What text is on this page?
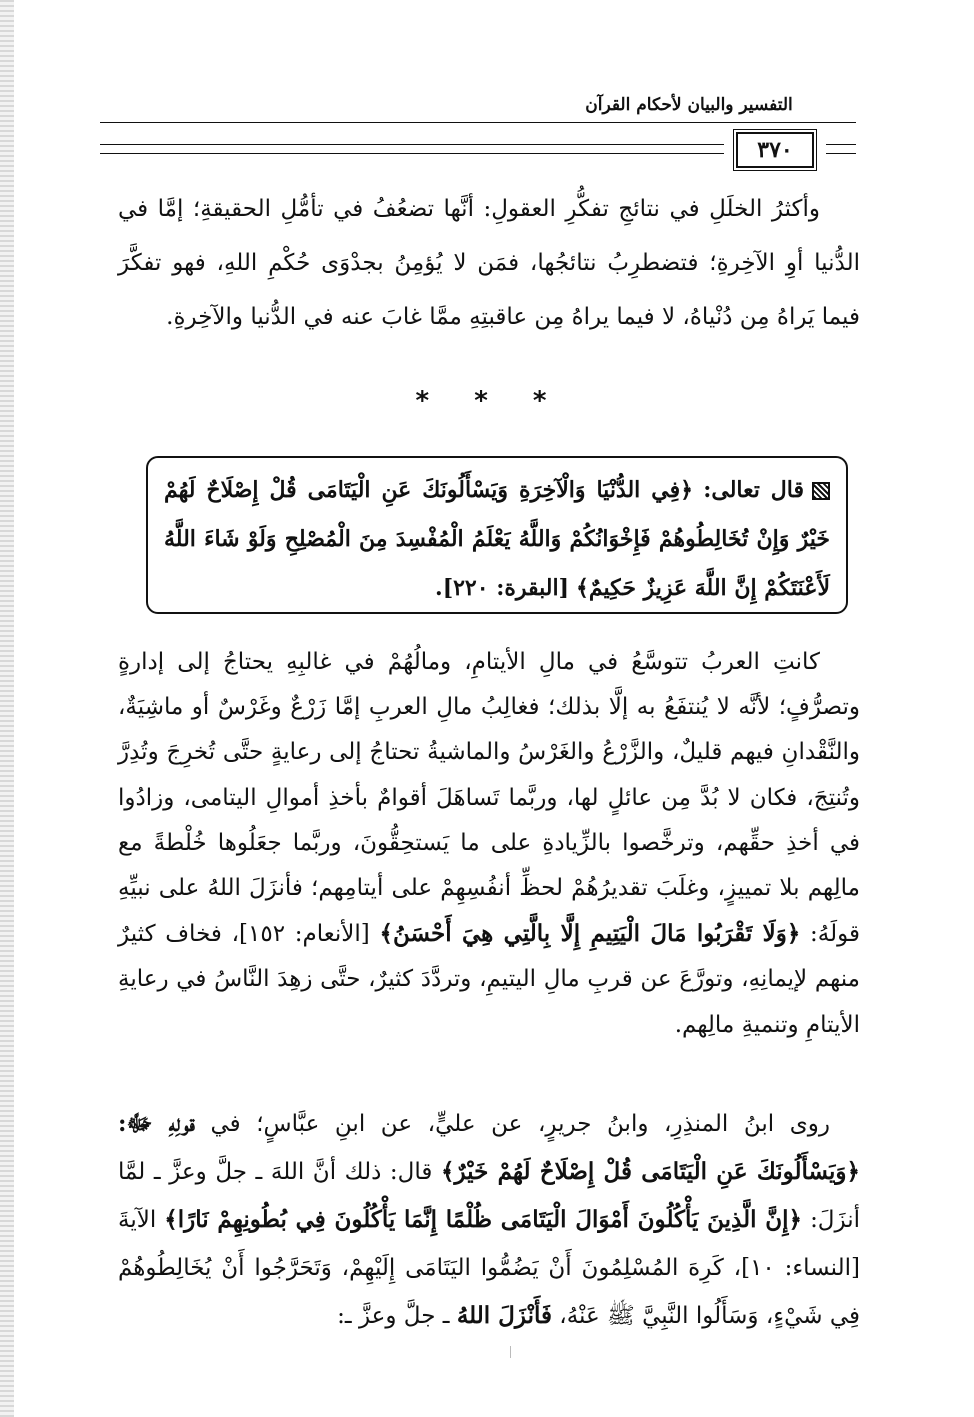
التفسير والبيان لأحكام القرآن
٣٧٠
وأكثرُ الخلَلِ في نتائجِ تفكُّرِ العقولِ: أنَّها تضعُفُ في تأمُّلِ الحقيقةِ؛ إمَّا في الدُّنيا أوِ الآخِرةِ؛ فتضطرِبُ نتائجُها، فمَن لا يُؤمِنُ بجدْوَى حُكْمِ اللهِ، فهو تفكَّرَ فيما يَراهُ مِن دُنْياهُ، لا فيما يراهُ مِن عاقبتِهِ ممَّا غابَ عنه في الدُّنيا والآخِرةِ.
* * *
قال تعالى: ﴿فِي الدُّنْيَا وَالْآخِرَةِ وَيَسْأَلُونَكَ عَنِ الْيَتَامَى قُلْ إِصْلَاحٌ لَهُمْ خَيْرٌ وَإِنْ تُخَالِطُوهُمْ فَإِخْوَانُكُمْ وَاللَّهُ يَعْلَمُ الْمُفْسِدَ مِنَ الْمُصْلِحِ وَلَوْ شَاءَ اللَّهُ لَأَعْنَتَكُمْ إِنَّ اللَّهَ عَزِيزٌ حَكِيمٌ﴾ [البقرة: ٢٢٠].
كانتِ العربُ تتوسَّعُ في مالِ الأيتامِ، ومالُهُمْ في غالبِهِ يحتاجُ إلى إدارةٍ وتصرُّفٍ؛ لأنَّه لا يُنتفَعُ به إلَّا بذلك؛ فغالِبُ مالِ العربِ إمَّا زَرْعٌ وغَرْسٌ أو ماشِيَةٌ، والنَّقْدانِ فيهم قليلٌ، والزَّرْعُ والغَرْسُ والماشيةُ تحتاجُ إلى رعايةٍ حتَّى تُخرِجَ وتُدِرَّ وتُنتِجَ، فكان لا بُدَّ مِن عائلٍ لها، وربَّما تَساهَلَ أقوامٌ بأخذِ أموالِ اليتامى، وزادُوا في أخذِ حقِّهم، وترخَّصوا بالزِّيادةِ على ما يَستحِقُّونَ، وربَّما جعَلُوها خُلْطةً مع مالِهم بلا تمييزٍ، وغلَبَ تقديرُهُمْ لحظِّ أنفُسِهِمْ على أيتامِهم؛ فأنزَلَ اللهُ على نبيِّهِ قولَهُ: ﴿وَلَا تَقْرَبُوا مَالَ الْيَتِيمِ إِلَّا بِالَّتِي هِيَ أَحْسَنُ﴾ [الأنعام: ١٥٢]، فخاف كثيرٌ منهم لإيمانِهِ، وتورَّعَ عن قربِ مالِ اليتيمِ، وتردَّدَ كثيرٌ، حتَّى زهِدَ النَّاسُ في رعايةِ الأيتامِ وتنميةِ مالِهم.
روى ابنُ المنذِرِ، وابنُ جريرٍ، عن عليٍّ، عن ابنِ عبَّاسٍ؛ في قولِهِ ﷻ: ﴿وَيَسْأَلُونَكَ عَنِ الْيَتَامَى قُلْ إِصْلَاحٌ لَهُمْ خَيْرٌ﴾ قال: ذلك أنَّ اللهَ ـ جلَّ وعزَّ ـ لمَّا أنزَلَ: ﴿إِنَّ الَّذِينَ يَأْكُلُونَ أَمْوَالَ الْيَتَامَى ظُلْمًا إِنَّمَا يَأْكُلُونَ فِي بُطُونِهِمْ نَارًا﴾ الآيةَ [النساء: ١٠]، كَرِهَ المُسْلِمُونَ أَنْ يَضُمُّوا اليَتَامَى إِلَيْهِمْ، وَتَحَرَّجُوا أَنْ يُخَالِطُوهُمْ فِي شَيْءٍ، وَسَأَلُوا النَّبِيَّ ﷺ عَنْهُ، فَأَنْزَلَ اللهُ ـ جلَّ وعزَّ ـ:
